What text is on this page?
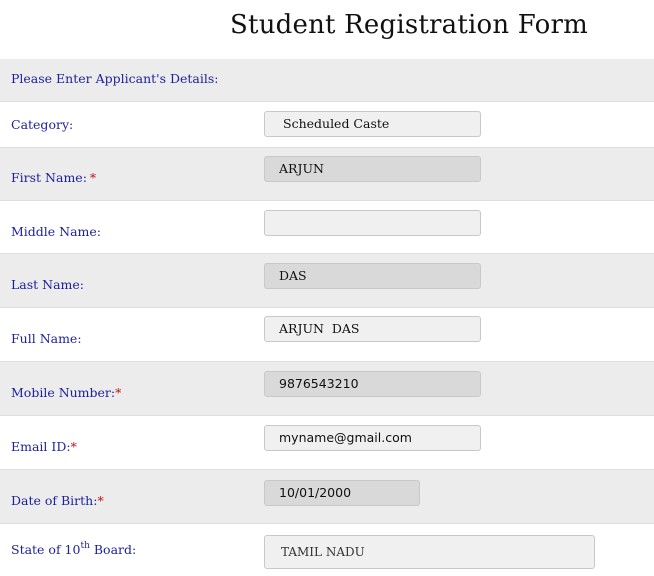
Student Registration Form
Please Enter Applicant's Details:
Category:	Scheduled Caste
First Name: *
ARJUN
Middle Name:
Last Name:
DAS
Full Name:
ARJUN  DAS
Mobile Number:*
9876543210
Email ID:*
myname@gmail.com
Date of Birth:*
10/01/2000
State of 10th Board:	TAMIL NADU
